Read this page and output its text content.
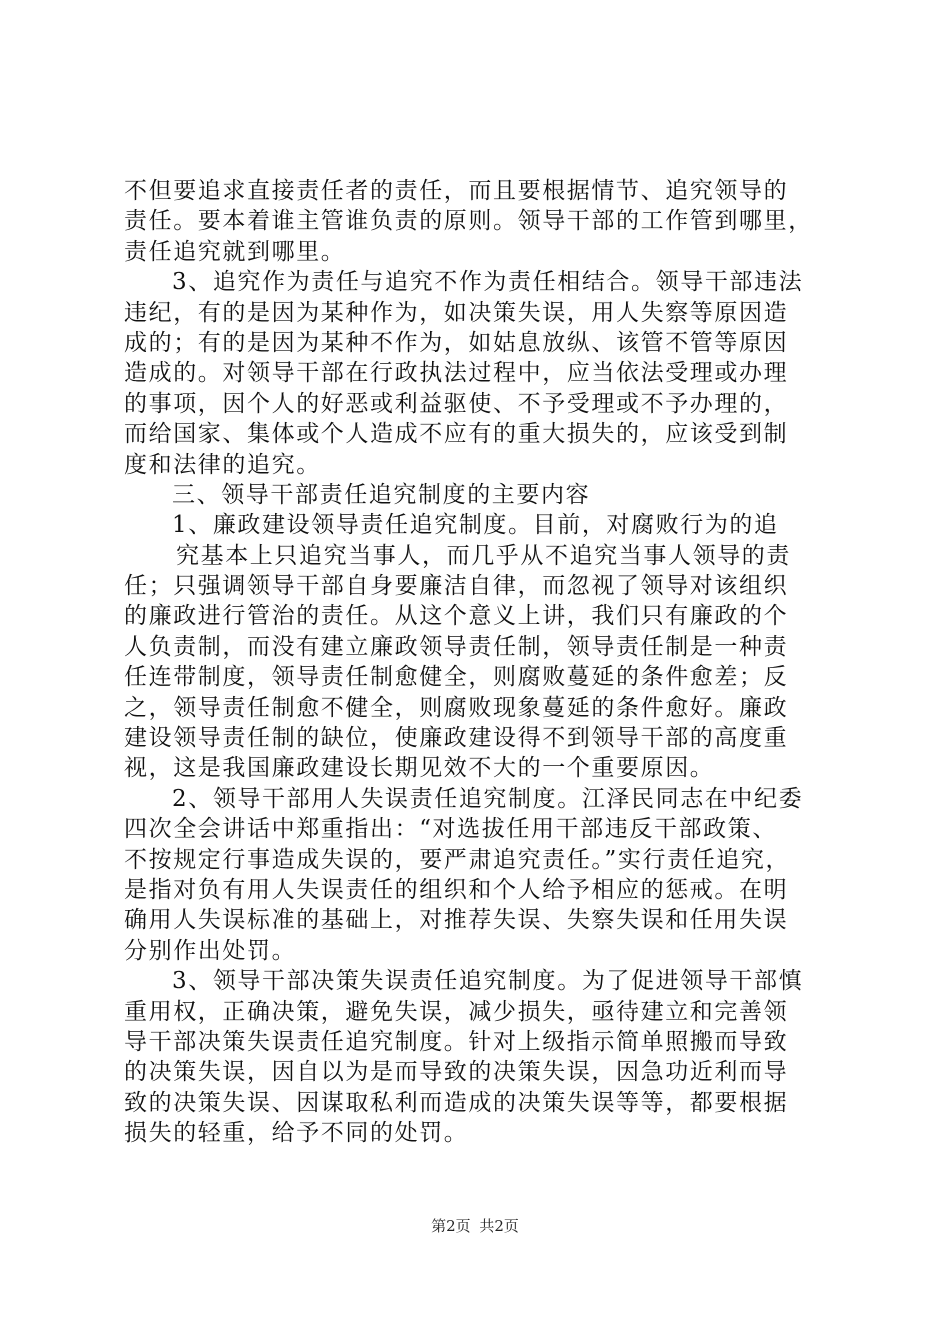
不但要追求直接责任者的责任，而且要根据情节、追究领导的
责任。要本着谁主管谁负责的原则。领导干部的工作管到哪里，
责任追究就到哪里。
3、追究作为责任与追究不作为责任相结合。领导干部违法
违纪，有的是因为某种作为，如决策失误，用人失察等原因造
成的；有的是因为某种不作为，如姑息放纵、该管不管等原因
造成的。对领导干部在行政执法过程中，应当依法受理或办理
的事项，因个人的好恶或利益驱使、不予受理或不予办理的，
而给国家、集体或个人造成不应有的重大损失的，应该受到制
度和法律的追究。
三、领导干部责任追究制度的主要内容
1、廉政建设领导责任追究制度。目前，对腐败行为的追
究基本上只追究当事人，而几乎从不追究当事人领导的责
任；只强调领导干部自身要廉洁自律，而忽视了领导对该组织
的廉政进行管治的责任。从这个意义上讲，我们只有廉政的个
人负责制，而没有建立廉政领导责任制，领导责任制是一种责
任连带制度，领导责任制愈健全，则腐败蔓延的条件愈差；反
之，领导责任制愈不健全，则腐败现象蔓延的条件愈好。廉政
建设领导责任制的缺位，使廉政建设得不到领导干部的高度重
视，这是我国廉政建设长期见效不大的一个重要原因。
2、领导干部用人失误责任追究制度。江泽民同志在中纪委
四次全会讲话中郑重指出：“对选拔任用干部违反干部政策、
不按规定行事造成失误的，要严肃追究责任。”实行责任追究，
是指对负有用人失误责任的组织和个人给予相应的惩戒。在明
确用人失误标准的基础上，对推荐失误、失察失误和任用失误
分别作出处罚。
3、领导干部决策失误责任追究制度。为了促进领导干部慎
重用权，正确决策，避免失误，减少损失，亟待建立和完善领
导干部决策失误责任追究制度。针对上级指示简单照搬而导致
的决策失误，因自以为是而导致的决策失误，因急功近利而导
致的决策失误、因谋取私利而造成的决策失误等等，都要根据
损失的轻重，给予不同的处罚。
第2页 共2页
